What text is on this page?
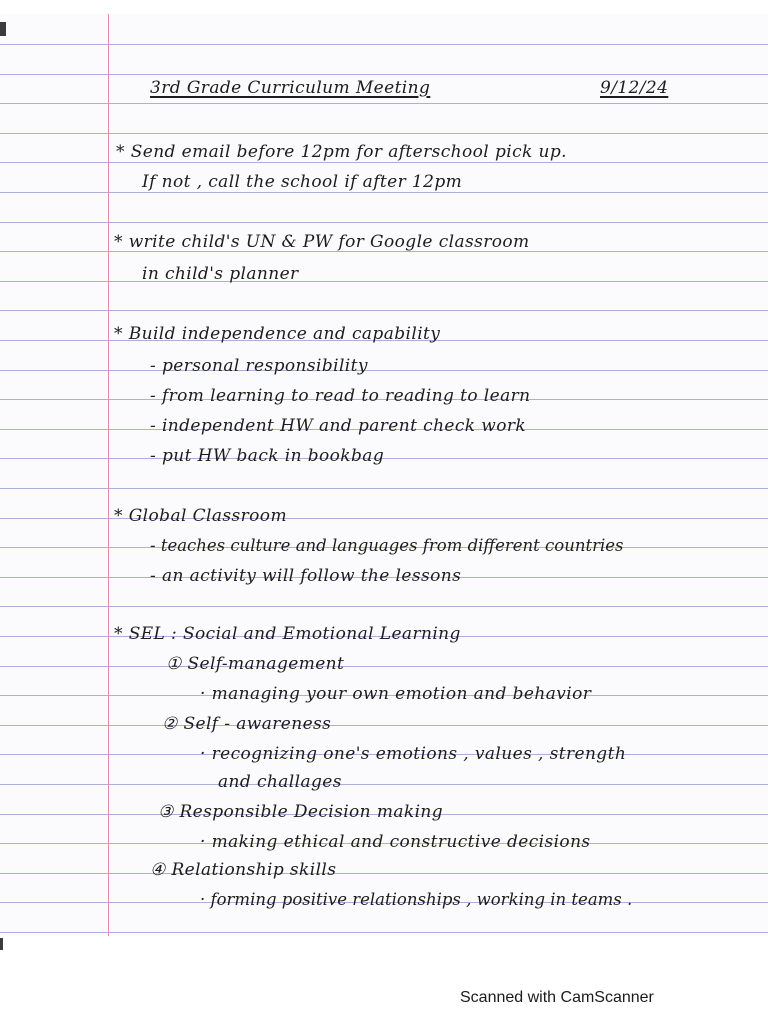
3rd Grade Curriculum Meeting	9/12/24
* Send email before 12pm for afterschool pick up.
If not , call the school if after 12pm
* write child's UN & PW for Google classroom
in child's planner
* Build independence and capability
- personal responsibility
- from learning to read to reading to learn
- independent HW and parent check work
- put HW back in bookbag
* Global Classroom
- teaches culture and languages from different countries
- an activity will follow the lessons
* SEL : Social and Emotional Learning
① Self-management
· managing your own emotion and behavior
② Self - awareness
· recognizing one's emotions , values , strength
and challages
③ Responsible Decision making
· making ethical and constructive decisions
④ Relationship skills
· forming positive relationships , working in teams .
Scanned with CamScanner
